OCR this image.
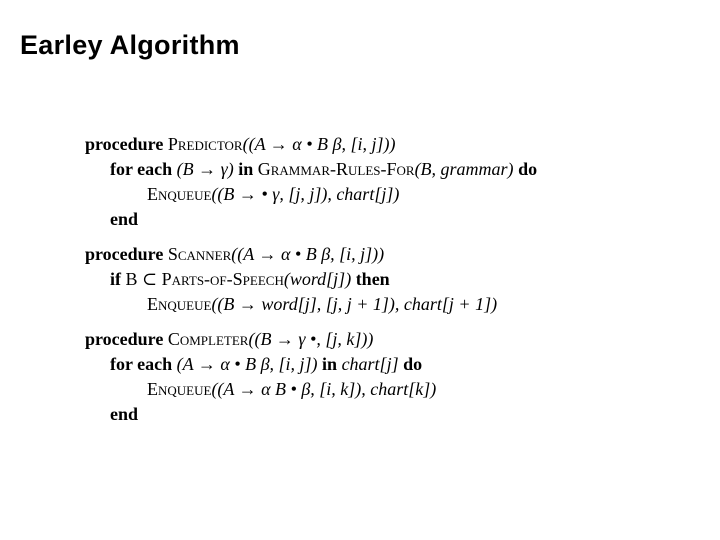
Earley Algorithm
procedure Predictor((A → α • B β, [i, j]))
for each (B → γ) in Grammar-Rules-For(B, grammar) do
Enqueue((B → • γ, [j, j]), chart[j])
end
procedure Scanner((A → α • B β, [i, j]))
if B ⊂ Parts-of-Speech(word[j]) then
Enqueue((B → word[j], [j, j + 1]), chart[j + 1])
procedure Completer((B → γ •, [j, k]))
for each (A → α • B β, [i, j]) in chart[j] do
Enqueue((A → α B • β, [i, k]), chart[k])
end
